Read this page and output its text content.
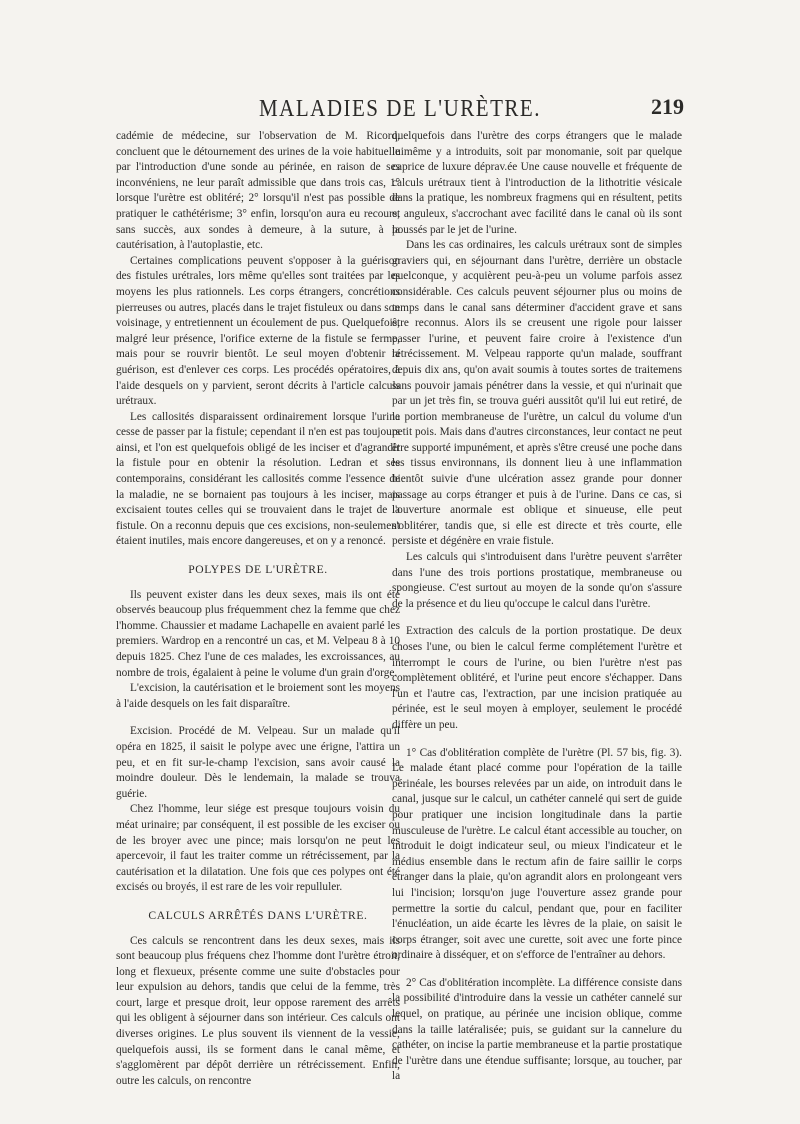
MALADIES DE L'URÈTRE.	219

cadémie de médecine, sur l'observation de M. Ricord, concluent que le détournement des urines de la voie habituelle par l'introduction d'une sonde au périnée, en raison de ses inconvéniens, ne leur paraît admissible que dans trois cas, 1° lorsque l'urètre est oblitéré; 2° lorsqu'il n'est pas possible de pratiquer le cathétérisme; 3° enfin, lorsqu'on aura eu recours, sans succès, aux sondes à demeure, à la suture, à la cautérisation, à l'autoplastie, etc.

Certaines complications peuvent s'opposer à la guérison des fistules urétrales, lors même qu'elles sont traitées par les moyens les plus rationnels. Les corps étrangers, concrétions pierreuses ou autres, placés dans le trajet fistuleux ou dans son voisinage, y entretiennent un écoulement de pus. Quelquefois, malgré leur présence, l'orifice externe de la fistule se ferme, mais pour se rouvrir bientôt. Le seul moyen d'obtenir la guérison, est d'enlever ces corps. Les procédés opératoires, à l'aide desquels on y parvient, seront décrits à l'article calculs urétraux.

Les callosités disparaissent ordinairement lorsque l'urine cesse de passer par la fistule; cependant il n'en est pas toujours ainsi, et l'on est quelquefois obligé de les inciser et d'agrandir la fistule pour en obtenir la résolution. Ledran et ses contemporains, considérant les callosités comme l'essence de la maladie, ne se bornaient pas toujours à les inciser, mais excisaient toutes celles qui se trouvaient dans le trajet de la fistule. On a reconnu depuis que ces excisions, non-seulement étaient inutiles, mais encore dangereuses, et on y a renoncé.

POLYPES DE L'URÈTRE.

Ils peuvent exister dans les deux sexes, mais ils ont été observés beaucoup plus fréquemment chez la femme que chez l'homme. Chaussier et madame Lachapelle en avaient parlé les premiers. Wardrop en a rencontré un cas, et M. Velpeau 8 à 10 depuis 1825. Chez l'une de ces malades, les excroissances, au nombre de trois, égalaient à peine le volume d'un grain d'orge.

L'excision, la cautérisation et le broiement sont les moyens à l'aide desquels on les fait disparaître.

Excision. Procédé de M. Velpeau. Sur un malade qu'il opéra en 1825, il saisit le polype avec une érigne, l'attira un peu, et en fit sur-le-champ l'excision, sans avoir causé la moindre douleur. Dès le lendemain, la malade se trouva guérie.

Chez l'homme, leur siége est presque toujours voisin du méat urinaire; par conséquent, il est possible de les exciser ou de les broyer avec une pince; mais lorsqu'on ne peut les apercevoir, il faut les traiter comme un rétrécissement, par la cautérisation et la dilatation. Une fois que ces polypes ont été excisés ou broyés, il est rare de les voir repulluler.

CALCULS ARRÊTÉS DANS L'URÈTRE.

Ces calculs se rencontrent dans les deux sexes, mais ils sont beaucoup plus fréquens chez l'homme dont l'urètre étroit, long et flexueux, présente comme une suite d'obstacles pour leur expulsion au dehors, tandis que celui de la femme, très court, large et presque droit, leur oppose rarement des arrêts qui les obligent à séjourner dans son intérieur. Ces calculs ont diverses origines. Le plus souvent ils viennent de la vessie; quelquefois aussi, ils se forment dans le canal même, et s'agglomèrent par dépôt derrière un rétrécissement. Enfin, outre les calculs, on rencontre

quelquefois dans l'urètre des corps étrangers que le malade luimême y a introduits, soit par monomanie, soit par quelque caprice de luxure déprav.ée Une cause nouvelle et fréquente de calculs urétraux tient à l'introduction de la lithotritie vésicale dans la pratique, les nombreux fragmens qui en résultent, petits et anguleux, s'accrochant avec facilité dans le canal où ils sont poussés par le jet de l'urine.

Dans les cas ordinaires, les calculs urétraux sont de simples graviers qui, en séjournant dans l'urètre, derrière un obstacle quelconque, y acquièrent peu-à-peu un volume parfois assez considérable. Ces calculs peuvent séjourner plus ou moins de temps dans le canal sans déterminer d'accident grave et sans être reconnus. Alors ils se creusent une rigole pour laisser passer l'urine, et peuvent faire croire à l'existence d'un rétrécissement. M. Velpeau rapporte qu'un malade, souffrant depuis dix ans, qu'on avait soumis à toutes sortes de traitemens sans pouvoir jamais pénétrer dans la vessie, et qui n'urinait que par un jet très fin, se trouva guéri aussitôt qu'il lui eut retiré, de la portion membraneuse de l'urètre, un calcul du volume d'un petit pois. Mais dans d'autres circonstances, leur contact ne peut être supporté impunément, et après s'être creusé une poche dans les tissus environnans, ils donnent lieu à une inflammation bientôt suivie d'une ulcération assez grande pour donner passage au corps étranger et puis à de l'urine. Dans ce cas, si l'ouverture anormale est oblique et sinueuse, elle peut s'oblitérer, tandis que, si elle est directe et très courte, elle persiste et dégénère en vraie fistule.

Les calculs qui s'introduisent dans l'urètre peuvent s'arrêter dans l'une des trois portions prostatique, membraneuse ou spongieuse. C'est surtout au moyen de la sonde qu'on s'assure de la présence et du lieu qu'occupe le calcul dans l'urètre.

Extraction des calculs de la portion prostatique. De deux choses l'une, ou bien le calcul ferme complétement l'urètre et interrompt le cours de l'urine, ou bien l'urètre n'est pas complètement oblitéré, et l'urine peut encore s'échapper. Dans l'un et l'autre cas, l'extraction, par une incision pratiquée au périnée, est le seul moyen à employer, seulement le procédé diffère un peu.

1° Cas d'oblitération complète de l'urètre (Pl. 57 bis, fig. 3). Le malade étant placé comme pour l'opération de la taille périnéale, les bourses relevées par un aide, on introduit dans le canal, jusque sur le calcul, un cathéter cannelé qui sert de guide pour pratiquer une incision longitudinale dans la partie musculeuse de l'urètre. Le calcul étant accessible au toucher, on introduit le doigt indicateur seul, ou mieux l'indicateur et le médius ensemble dans le rectum afin de faire saillir le corps étranger dans la plaie, qu'on agrandit alors en prolongeant vers lui l'incision; lorsqu'on juge l'ouverture assez grande pour permettre la sortie du calcul, pendant que, pour en faciliter l'énucléation, un aide écarte les lèvres de la plaie, on saisit le corps étranger, soit avec une curette, soit avec une forte pince ordinaire à disséquer, et on s'efforce de l'entraîner au dehors.

2° Cas d'oblitération incomplète. La différence consiste dans la possibilité d'introduire dans la vessie un cathéter cannelé sur lequel, on pratique, au périnée une incision oblique, comme dans la taille latéralisée; puis, se guidant sur la cannelure du cathéter, on incise la partie membraneuse et la partie prostatique de l'urètre dans une étendue suffisante; lorsque, au toucher, par la
